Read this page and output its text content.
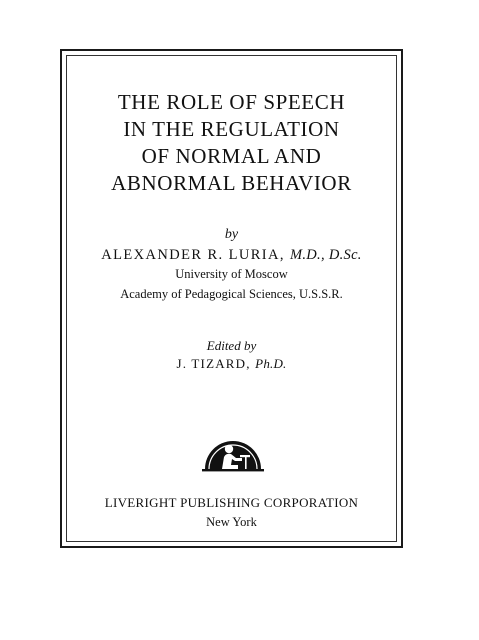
THE ROLE OF SPEECH
IN THE REGULATION
OF NORMAL AND
ABNORMAL BEHAVIOR
by
ALEXANDER R. LURIA, M.D., D.Sc.
University of Moscow
Academy of Pedagogical Sciences, U.S.S.R.
Edited by
J. TIZARD, Ph.D.
LIVERIGHT PUBLISHING CORPORATION
New York
